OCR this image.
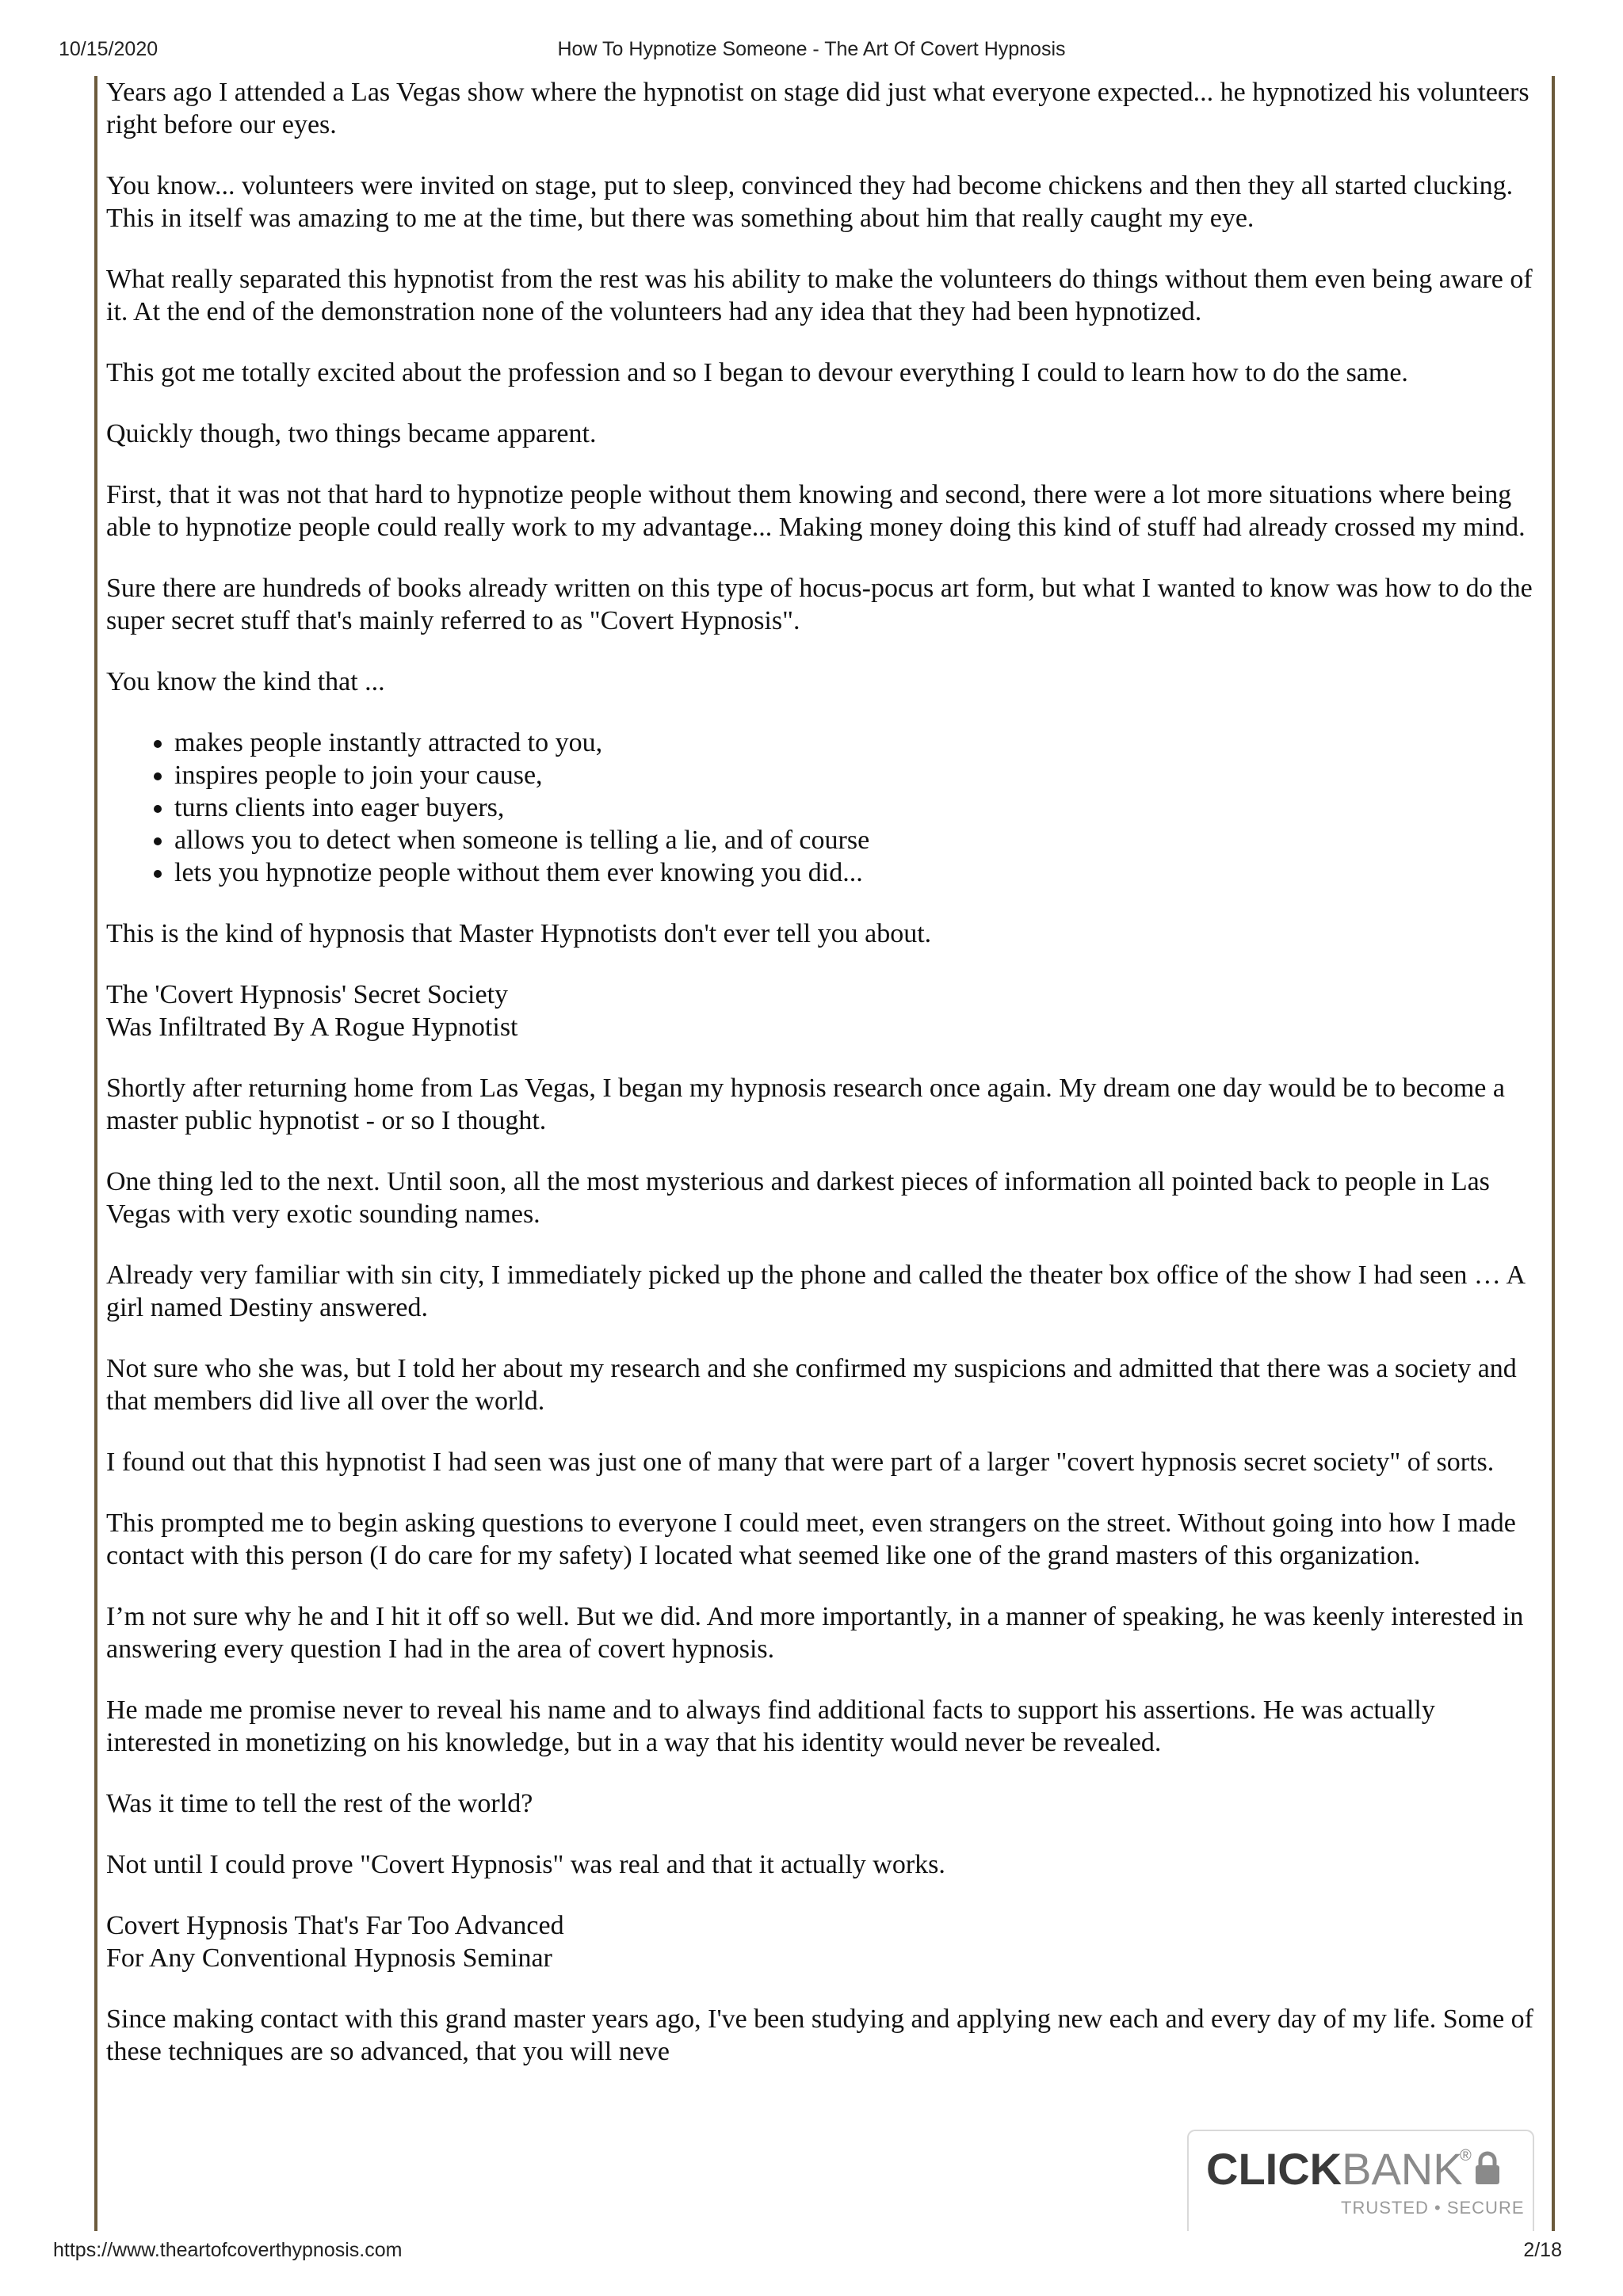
10/15/2020	How To Hypnotize Someone - The Art Of Covert Hypnosis

Years ago I attended a Las Vegas show where the hypnotist on stage did just what everyone expected... he hypnotized his volunteers right before our eyes.

You know... volunteers were invited on stage, put to sleep, convinced they had become chickens and then they all started clucking. This in itself was amazing to me at the time, but there was something about him that really caught my eye.

What really separated this hypnotist from the rest was his ability to make the volunteers do things without them even being aware of it. At the end of the demonstration none of the volunteers had any idea that they had been hypnotized.

This got me totally excited about the profession and so I began to devour everything I could to learn how to do the same.

Quickly though, two things became apparent.

First, that it was not that hard to hypnotize people without them knowing and second, there were a lot more situations where being able to hypnotize people could really work to my advantage... Making money doing this kind of stuff had already crossed my mind.

Sure there are hundreds of books already written on this type of hocus-pocus art form, but what I wanted to know was how to do the super secret stuff that's mainly referred to as "Covert Hypnosis".

You know the kind that ...

• makes people instantly attracted to you,
• inspires people to join your cause,
• turns clients into eager buyers,
• allows you to detect when someone is telling a lie, and of course
• lets you hypnotize people without them ever knowing you did...

This is the kind of hypnosis that Master Hypnotists don't ever tell you about.

The 'Covert Hypnosis' Secret Society
Was Infiltrated By A Rogue Hypnotist

Shortly after returning home from Las Vegas, I began my hypnosis research once again. My dream one day would be to become a master public hypnotist - or so I thought.

One thing led to the next. Until soon, all the most mysterious and darkest pieces of information all pointed back to people in Las Vegas with very exotic sounding names.

Already very familiar with sin city, I immediately picked up the phone and called the theater box office of the show I had seen … A girl named Destiny answered.

Not sure who she was, but I told her about my research and she confirmed my suspicions and admitted that there was a society and that members did live all over the world.

I found out that this hypnotist I had seen was just one of many that were part of a larger "covert hypnosis secret society" of sorts.

This prompted me to begin asking questions to everyone I could meet, even strangers on the street. Without going into how I made contact with this person (I do care for my safety) I located what seemed like one of the grand masters of this organization.

I’m not sure why he and I hit it off so well. But we did. And more importantly, in a manner of speaking, he was keenly interested in answering every question I had in the area of covert hypnosis.

He made me promise never to reveal his name and to always find additional facts to support his assertions. He was actually interested in monetizing on his knowledge, but in a way that his identity would never be revealed.

Was it time to tell the rest of the world?

Not until I could prove "Covert Hypnosis" was real and that it actually works.

Covert Hypnosis That's Far Too Advanced
For Any Conventional Hypnosis Seminar

Since making contact with this grand master years ago, I've been studying and applying new each and every day of my life. Some of these techniques are so advanced, that you will neve

CLICKBANK
®
TRUSTED • SECURE
https://www.theartofcoverthypnosis.com	2/18
